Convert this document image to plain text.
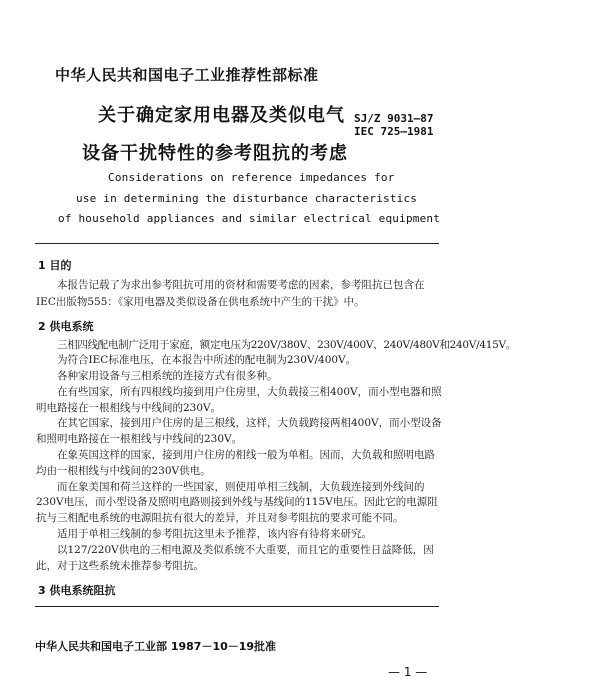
中华人民共和国电子工业推荐性部标准
关于确定家用电器及类似电气
设备干扰特性的参考阻抗的考虑
SJ/Z 9031—87
IEC 725—1981
Considerations on reference impedances for
use in determining the disturbance characteristics
of household appliances and similar electrical equipment
1 目的
本报告记载了为求出参考阻抗可用的资材和需要考虑的因素，参考阻抗已包含在
IEC出版物555：《家用电器及类似设备在供电系统中产生的干扰》中。
2 供电系统
三相四线配电制广泛用于家庭，额定电压为220V/380V、230V/400V、240V/480V和240V/415V。
为符合IEC标准电压，在本报告中所述的配电制为230V/400V。
各种家用设备与三相系统的连接方式有很多种。
在有些国家，所有四根线均接到用户住房里，大负载接三相400V，而小型电器和照
明电路接在一根相线与中线间的230V。
在其它国家，接到用户住房的是三根线，这样，大负载跨接两相400V，而小型设备
和照明电路接在一根相线与中线间的230V。
在象英国这样的国家，接到用户住房的相线一般为单相。因而，大负载和照明电路
均由一根相线与中线间的230V供电。
而在象美国和荷兰这样的一些国家，则使用单相三线制，大负载连接到外线间的
230V电压，而小型设备及照明电路则接到外线与基线间的115V电压。因此它的电源阻
抗与三相配电系统的电源阻抗有很大的差异，并且对参考阻抗的要求可能不同。
适用于单相三线制的参考阻抗这里未予推荐，该内容有待将来研究。
以127/220V供电的三相电源及类似系统不大重要，而且它的重要性日益降低，因
此，对于这些系统未推荐参考阻抗。
3 供电系统阻抗
中华人民共和国电子工业部 1987－10－19批准
— 1 —
